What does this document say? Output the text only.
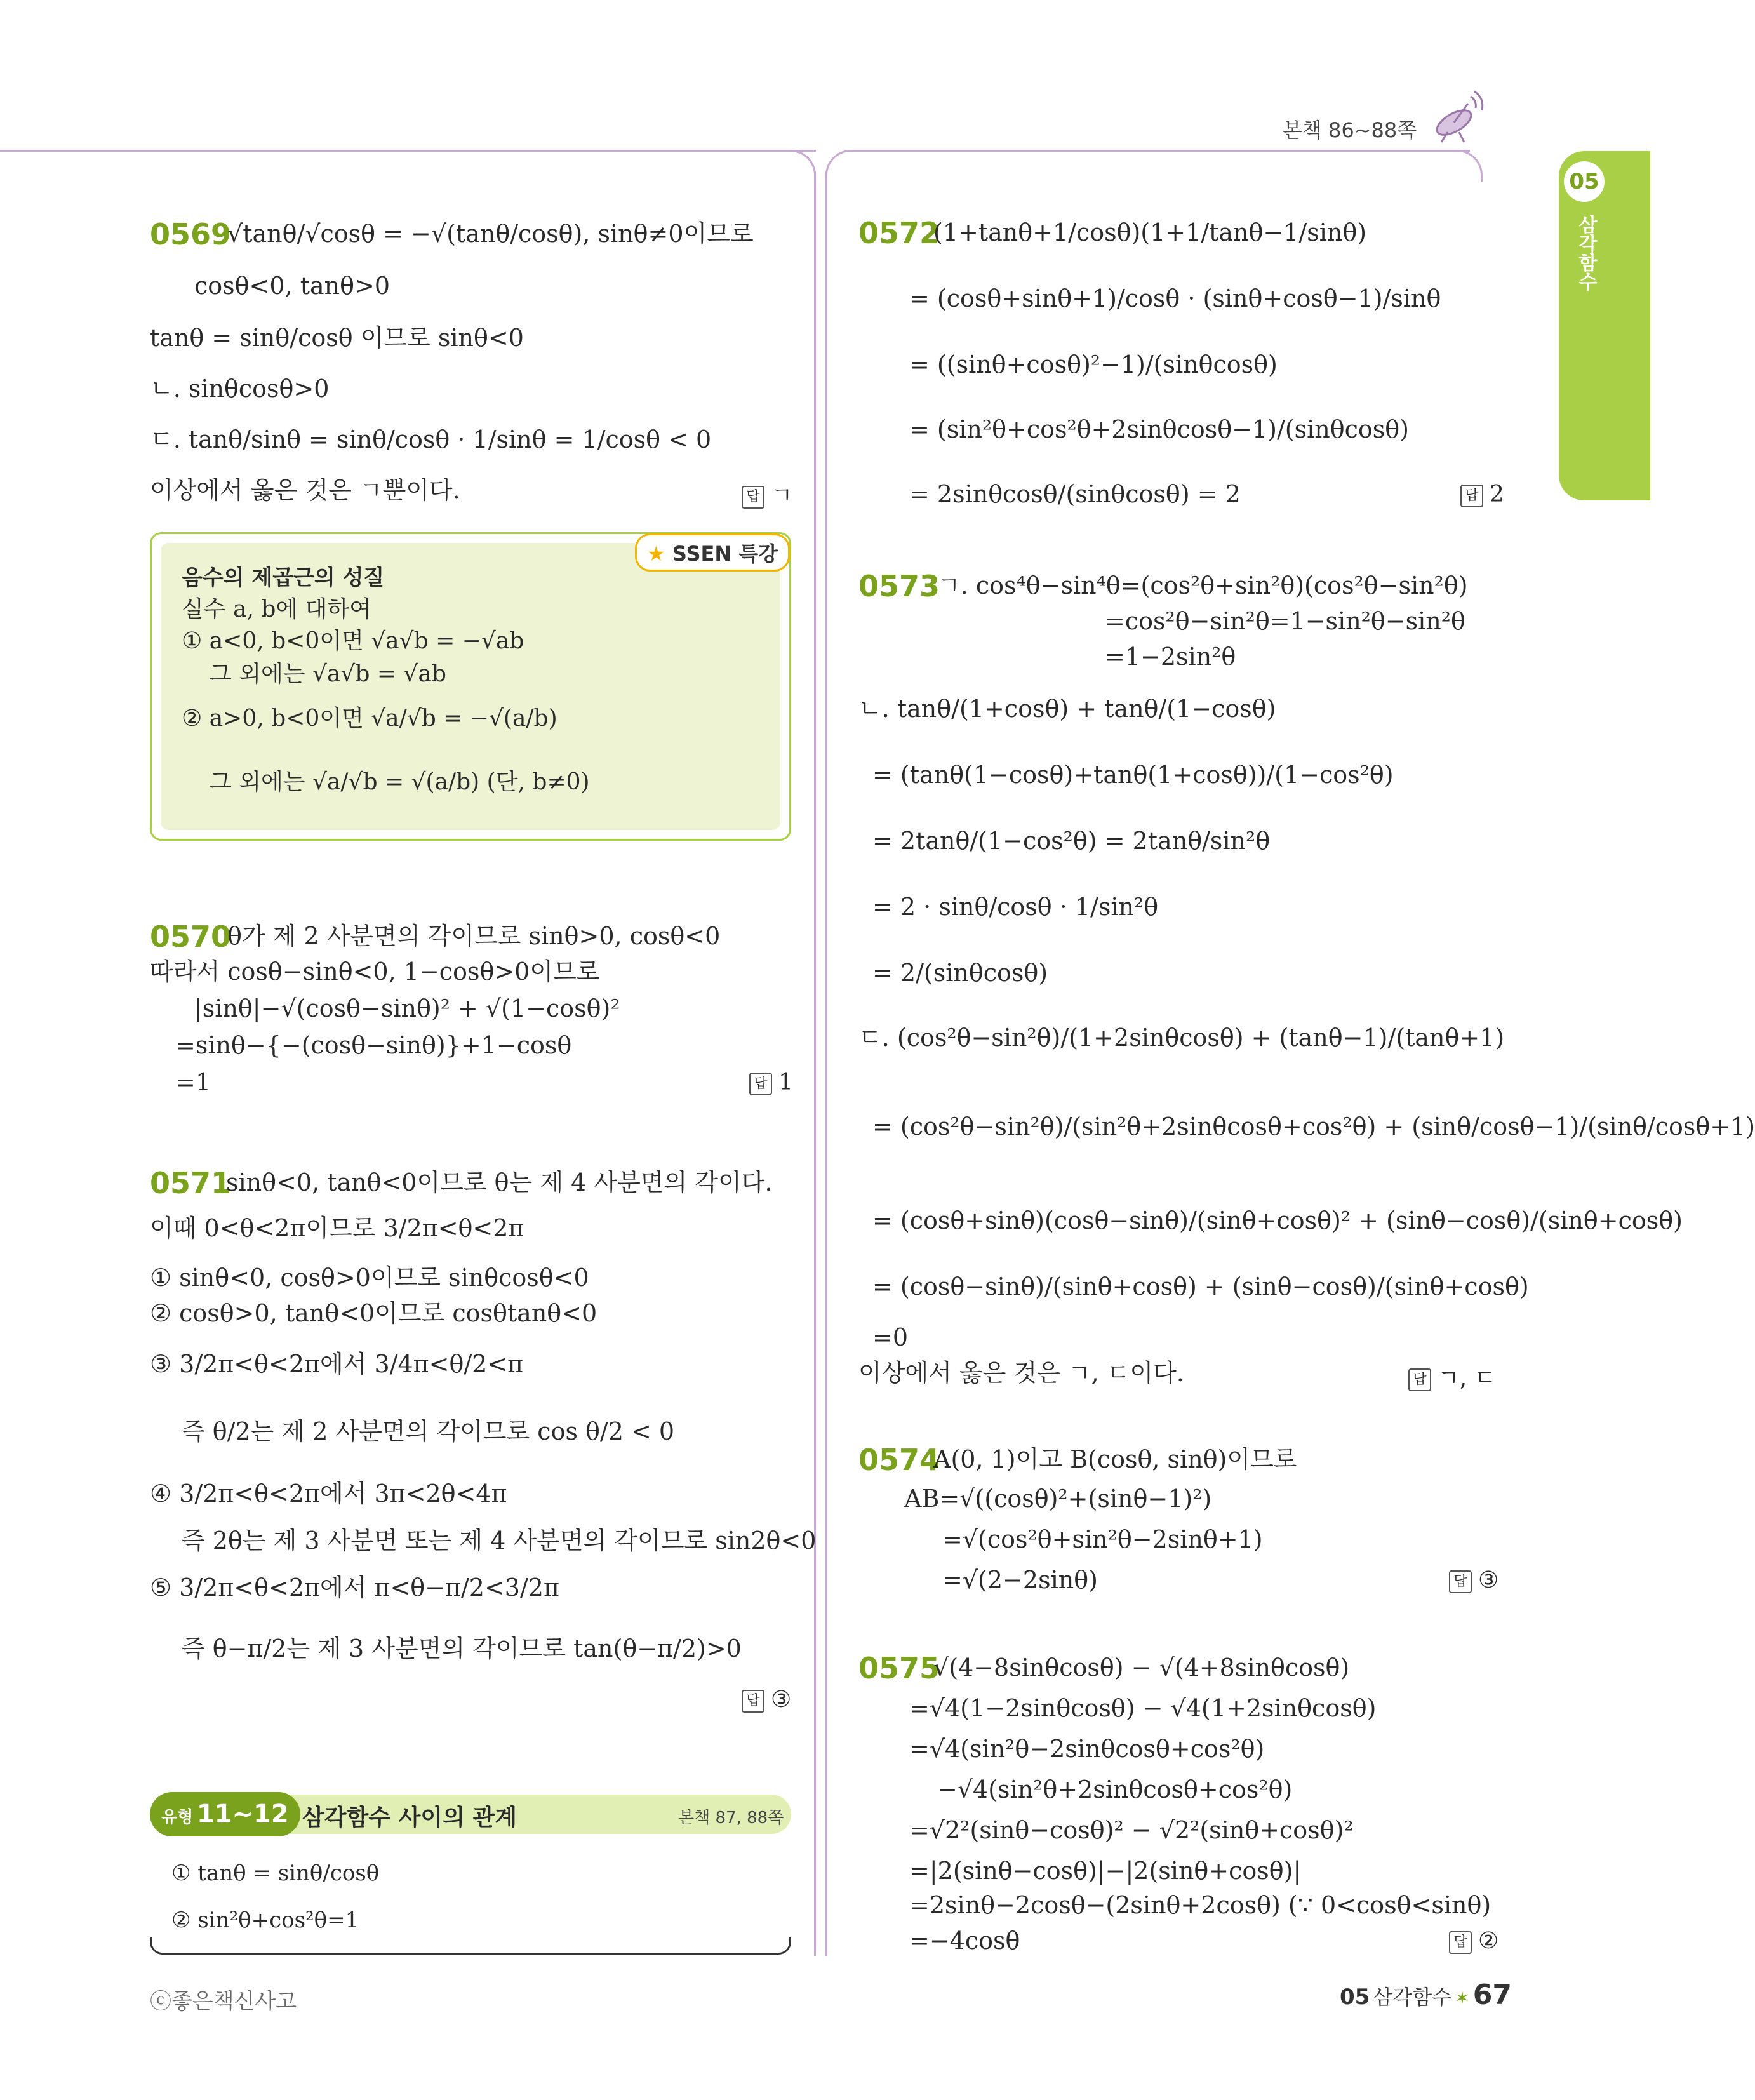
본책 86~88쪽
05
삼각함수
0569
√tanθ/√cosθ = −√(tanθ/cosθ), sinθ≠0이므로
cosθ<0, tanθ>0
tanθ = sinθ/cosθ 이므로 sinθ<0
ㄴ. sinθcosθ>0
ㄷ. tanθ/sinθ = sinθ/cosθ · 1/sinθ = 1/cosθ < 0
이상에서 옳은 것은 ㄱ뿐이다.	답 ㄱ
★ SSEN 특강
음수의 제곱근의 성질
실수 a, b에 대하여
① a<0, b<0이면 √a√b = −√ab
그 외에는 √a√b = √ab
② a>0, b<0이면 √a/√b = −√(a/b)
그 외에는 √a/√b = √(a/b) (단, b≠0)
0570
θ가 제 2 사분면의 각이므로 sinθ>0, cosθ<0
따라서 cosθ−sinθ<0, 1−cosθ>0이므로
|sinθ|−√(cosθ−sinθ)² + √(1−cosθ)²
=sinθ−{−(cosθ−sinθ)}+1−cosθ
=1	답 1
0571
sinθ<0, tanθ<0이므로 θ는 제 4 사분면의 각이다.
이때 0<θ<2π이므로 3/2π<θ<2π
① sinθ<0, cosθ>0이므로 sinθcosθ<0
② cosθ>0, tanθ<0이므로 cosθtanθ<0
③ 3/2π<θ<2π에서 3/4π<θ/2<π
즉 θ/2는 제 2 사분면의 각이므로 cos θ/2 < 0
④ 3/2π<θ<2π에서 3π<2θ<4π
즉 2θ는 제 3 사분면 또는 제 4 사분면의 각이므로 sin2θ<0
⑤ 3/2π<θ<2π에서 π<θ−π/2<3/2π
즉 θ−π/2는 제 3 사분면의 각이므로 tan(θ−π/2)>0
답 ③
유형 11~12 삼각함수 사이의 관계	본책 87, 88쪽
① tanθ = sinθ/cosθ
② sin²θ+cos²θ=1
0572
(1+tanθ+1/cosθ)(1+1/tanθ−1/sinθ)
= (cosθ+sinθ+1)/cosθ · (sinθ+cosθ−1)/sinθ
= ((sinθ+cosθ)²−1)/(sinθcosθ)
= (sin²θ+cos²θ+2sinθcosθ−1)/(sinθcosθ)
= 2sinθcosθ/(sinθcosθ) = 2	답 2
0573
ㄱ. cos⁴θ−sin⁴θ=(cos²θ+sin²θ)(cos²θ−sin²θ)
=cos²θ−sin²θ=1−sin²θ−sin²θ
=1−2sin²θ
ㄴ. tanθ/(1+cosθ) + tanθ/(1−cosθ)
= (tanθ(1−cosθ)+tanθ(1+cosθ))/(1−cos²θ)
= 2tanθ/(1−cos²θ) = 2tanθ/sin²θ
= 2 · sinθ/cosθ · 1/sin²θ
= 2/(sinθcosθ)
ㄷ. (cos²θ−sin²θ)/(1+2sinθcosθ) + (tanθ−1)/(tanθ+1)
= (cos²θ−sin²θ)/(sin²θ+2sinθcosθ+cos²θ) + (sinθ/cosθ−1)/(sinθ/cosθ+1)
= (cosθ+sinθ)(cosθ−sinθ)/(sinθ+cosθ)² + (sinθ−cosθ)/(sinθ+cosθ)
= (cosθ−sinθ)/(sinθ+cosθ) + (sinθ−cosθ)/(sinθ+cosθ)
=0
이상에서 옳은 것은 ㄱ, ㄷ이다.	답 ㄱ, ㄷ
0574
A(0, 1)이고 B(cosθ, sinθ)이므로
AB=√((cosθ)²+(sinθ−1)²)
=√(cos²θ+sin²θ−2sinθ+1)
=√(2−2sinθ)	답 ③
0575
√(4−8sinθcosθ) − √(4+8sinθcosθ)
=√4(1−2sinθcosθ) − √4(1+2sinθcosθ)
=√4(sin²θ−2sinθcosθ+cos²θ)
−√4(sin²θ+2sinθcosθ+cos²θ)
=√2²(sinθ−cosθ)² − √2²(sinθ+cosθ)²
=|2(sinθ−cosθ)|−|2(sinθ+cosθ)|
=2sinθ−2cosθ−(2sinθ+2cosθ) (∵ 0<cosθ<sinθ)
=−4cosθ	답 ②
ⓒ좋은책신사고	05 삼각함수 ✶ 67
